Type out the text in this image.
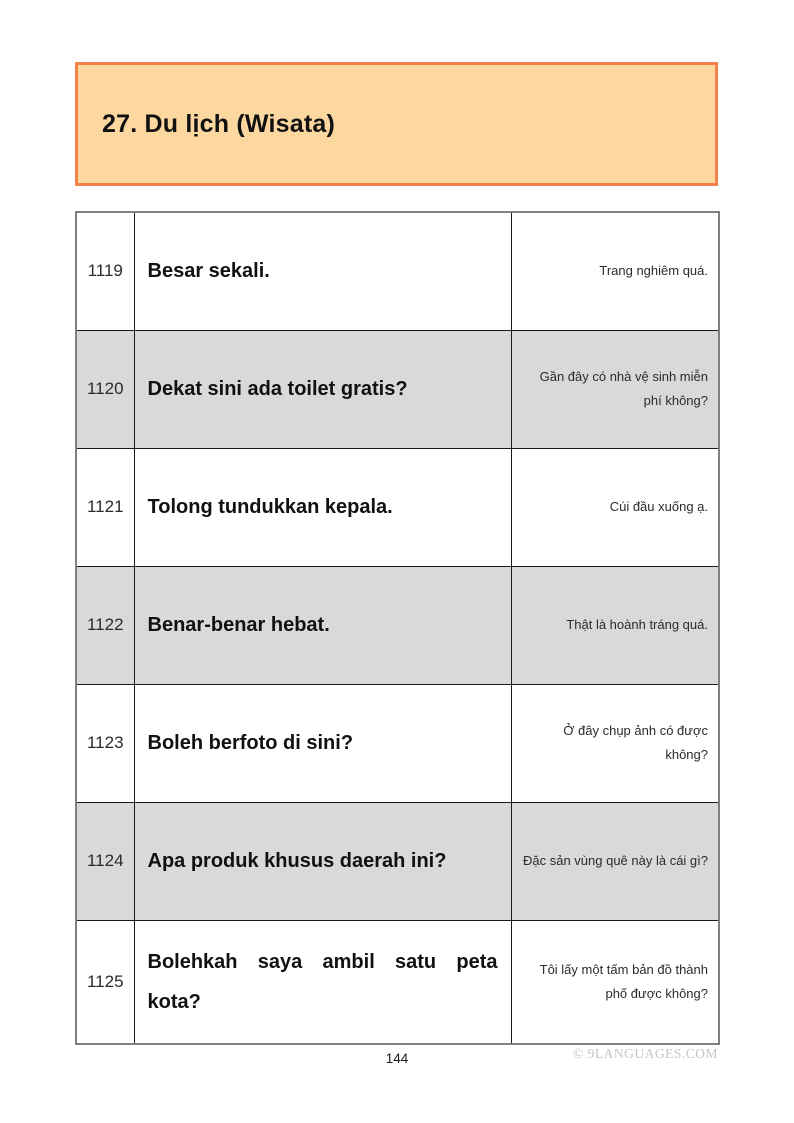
27. Du lịch (Wisata)
1119	Besar sekali.	Trang nghiêm quá.
1120	Dekat sini ada toilet gratis?	Gần đây có nhà vệ sinh miễn phí không?
1121	Tolong tundukkan kepala.	Cúi đầu xuống ạ.
1122	Benar-benar hebat.	Thật là hoành tráng quá.
1123	Boleh berfoto di sini?	Ở đây chụp ảnh có được không?
1124	Apa produk khusus daerah ini?	Đặc sản vùng quê này là cái gì?
1125	Bolehkah saya ambil satu peta kota?	Tôi lấy một tấm bản đồ thành phố được không?
144	© 9LANGUAGES.COM
